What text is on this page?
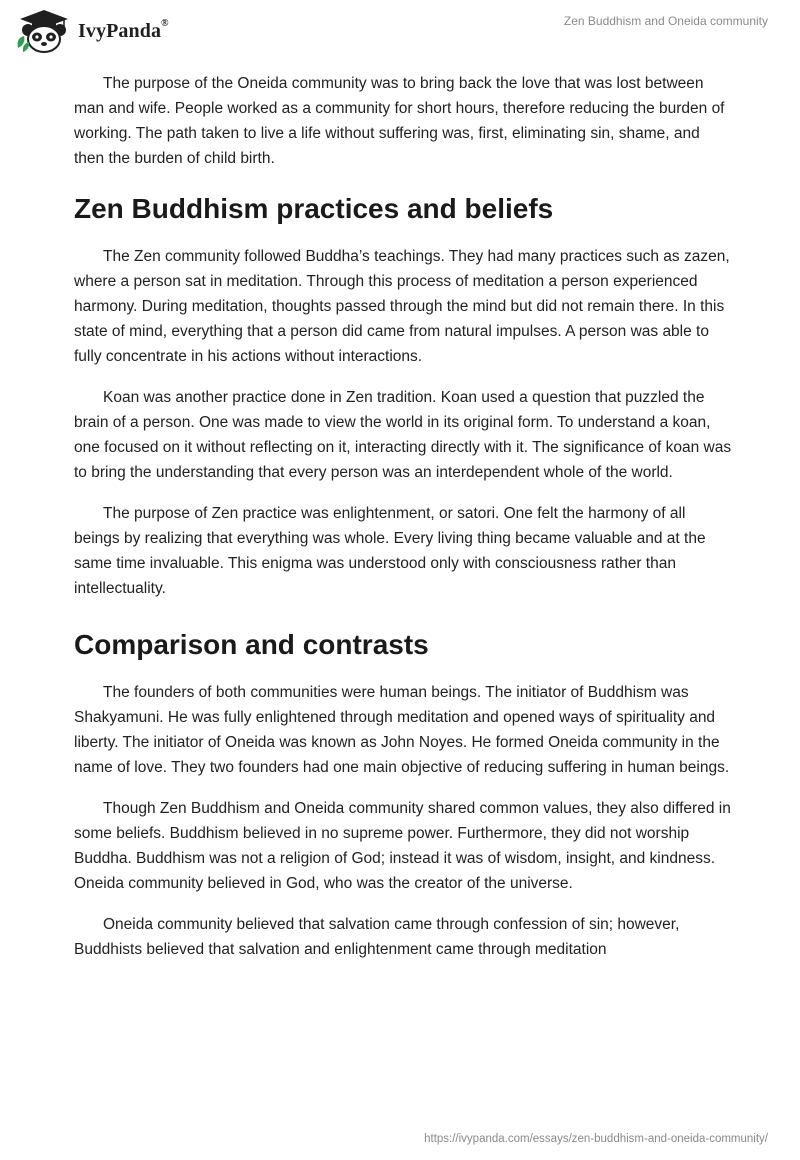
IvyPanda®	Zen Buddhism and Oneida community

The purpose of the Oneida community was to bring back the love that was lost between man and wife. People worked as a community for short hours, therefore reducing the burden of working. The path taken to live a life without suffering was, first, eliminating sin, shame, and then the burden of child birth.

Zen Buddhism practices and beliefs

The Zen community followed Buddha’s teachings. They had many practices such as zazen, where a person sat in meditation. Through this process of meditation a person experienced harmony. During meditation, thoughts passed through the mind but did not remain there. In this state of mind, everything that a person did came from natural impulses. A person was able to fully concentrate in his actions without interactions.

Koan was another practice done in Zen tradition. Koan used a question that puzzled the brain of a person. One was made to view the world in its original form. To understand a koan, one focused on it without reflecting on it, interacting directly with it. The significance of koan was to bring the understanding that every person was an interdependent whole of the world.

The purpose of Zen practice was enlightenment, or satori. One felt the harmony of all beings by realizing that everything was whole. Every living thing became valuable and at the same time invaluable. This enigma was understood only with consciousness rather than intellectuality.

Comparison and contrasts

The founders of both communities were human beings. The initiator of Buddhism was Shakyamuni. He was fully enlightened through meditation and opened ways of spirituality and liberty. The initiator of Oneida was known as John Noyes. He formed Oneida community in the name of love. They two founders had one main objective of reducing suffering in human beings.

Though Zen Buddhism and Oneida community shared common values, they also differed in some beliefs. Buddhism believed in no supreme power. Furthermore, they did not worship Buddha. Buddhism was not a religion of God; instead it was of wisdom, insight, and kindness. Oneida community believed in God, who was the creator of the universe.

Oneida community believed that salvation came through confession of sin; however, Buddhists believed that salvation and enlightenment came through meditation

https://ivypanda.com/essays/zen-buddhism-and-oneida-community/
